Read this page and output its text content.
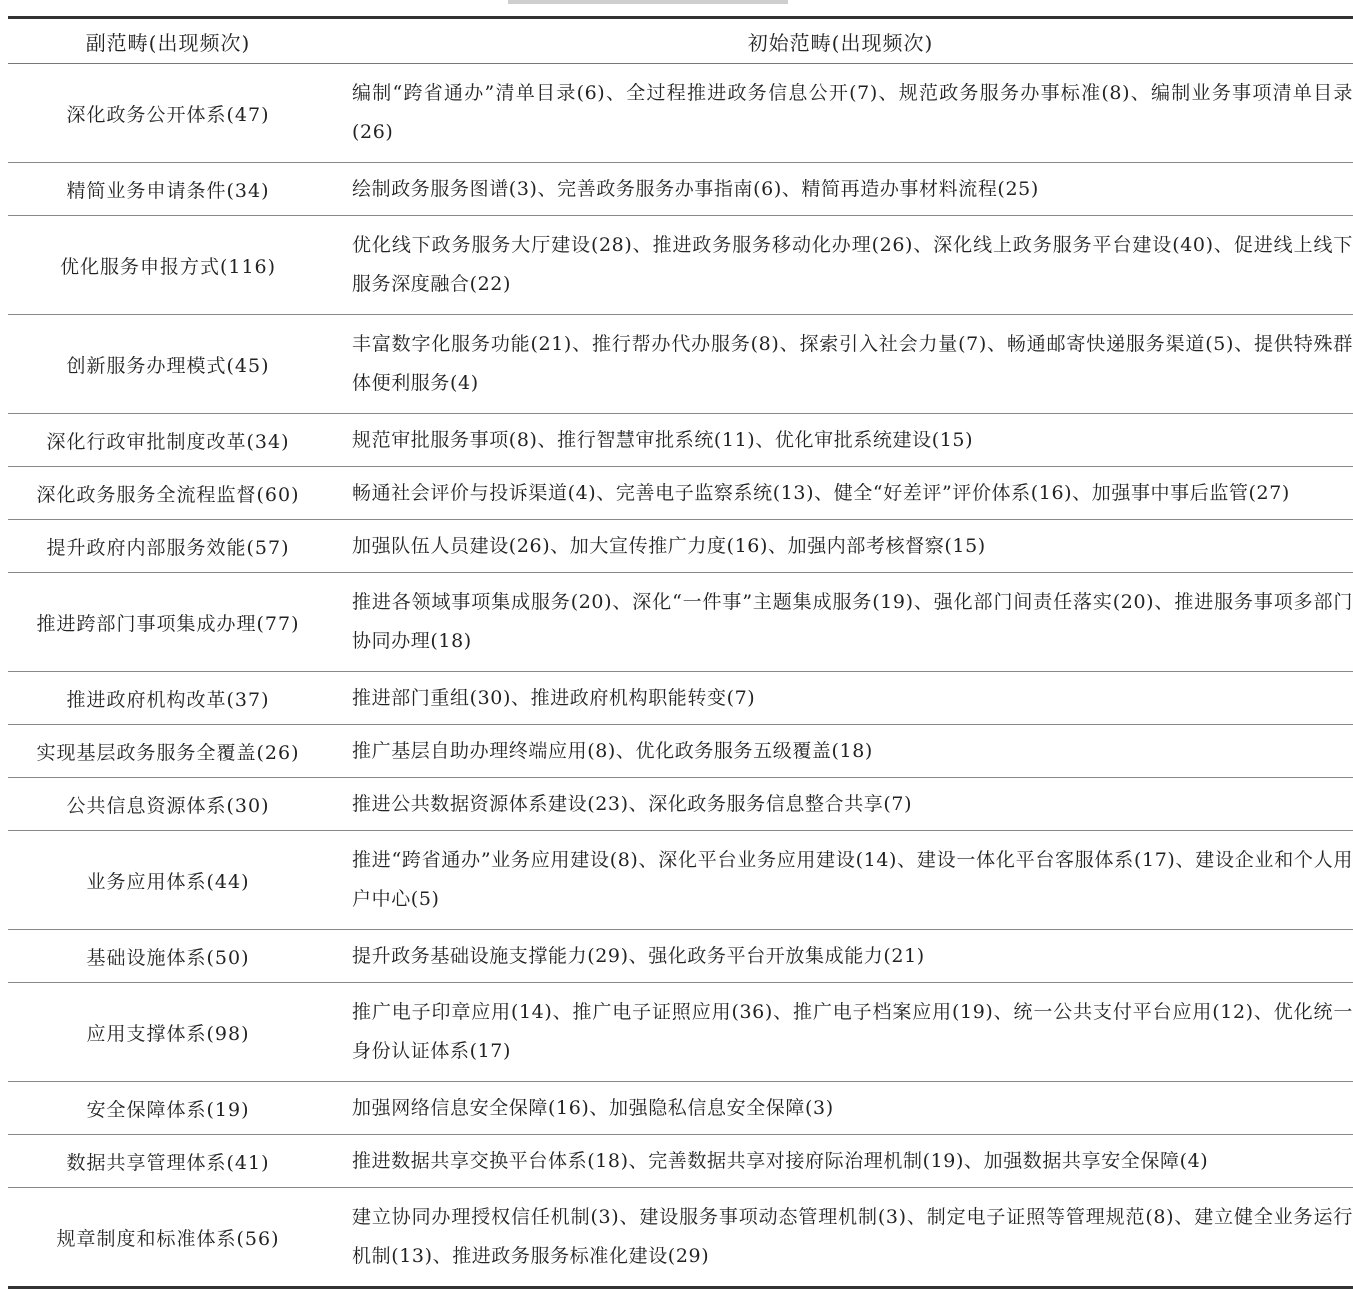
副范畴(出现频次)	初始范畴(出现频次)
深化政务公开体系(47)	编制“跨省通办”清单目录(6)、全过程推进政务信息公开(7)、规范政务服务办事标准(8)、编制业务事项清单目录(26)
精简业务申请条件(34)	绘制政务服务图谱(3)、完善政务服务办事指南(6)、精简再造办事材料流程(25)
优化服务申报方式(116)	优化线下政务服务大厅建设(28)、推进政务服务移动化办理(26)、深化线上政务服务平台建设(40)、促进线上线下服务深度融合(22)
创新服务办理模式(45)	丰富数字化服务功能(21)、推行帮办代办服务(8)、探索引入社会力量(7)、畅通邮寄快递服务渠道(5)、提供特殊群体便利服务(4)
深化行政审批制度改革(34)	规范审批服务事项(8)、推行智慧审批系统(11)、优化审批系统建设(15)
深化政务服务全流程监督(60)	畅通社会评价与投诉渠道(4)、完善电子监察系统(13)、健全“好差评”评价体系(16)、加强事中事后监管(27)
提升政府内部服务效能(57)	加强队伍人员建设(26)、加大宣传推广力度(16)、加强内部考核督察(15)
推进跨部门事项集成办理(77)	推进各领域事项集成服务(20)、深化“一件事”主题集成服务(19)、强化部门间责任落实(20)、推进服务事项多部门协同办理(18)
推进政府机构改革(37)	推进部门重组(30)、推进政府机构职能转变(7)
实现基层政务服务全覆盖(26)	推广基层自助办理终端应用(8)、优化政务服务五级覆盖(18)
公共信息资源体系(30)	推进公共数据资源体系建设(23)、深化政务服务信息整合共享(7)
业务应用体系(44)	推进“跨省通办”业务应用建设(8)、深化平台业务应用建设(14)、建设一体化平台客服体系(17)、建设企业和个人用户中心(5)
基础设施体系(50)	提升政务基础设施支撑能力(29)、强化政务平台开放集成能力(21)
应用支撑体系(98)	推广电子印章应用(14)、推广电子证照应用(36)、推广电子档案应用(19)、统一公共支付平台应用(12)、优化统一身份认证体系(17)
安全保障体系(19)	加强网络信息安全保障(16)、加强隐私信息安全保障(3)
数据共享管理体系(41)	推进数据共享交换平台体系(18)、完善数据共享对接府际治理机制(19)、加强数据共享安全保障(4)
规章制度和标准体系(56)	建立协同办理授权信任机制(3)、建设服务事项动态管理机制(3)、制定电子证照等管理规范(8)、建立健全业务运行机制(13)、推进政务服务标准化建设(29)
